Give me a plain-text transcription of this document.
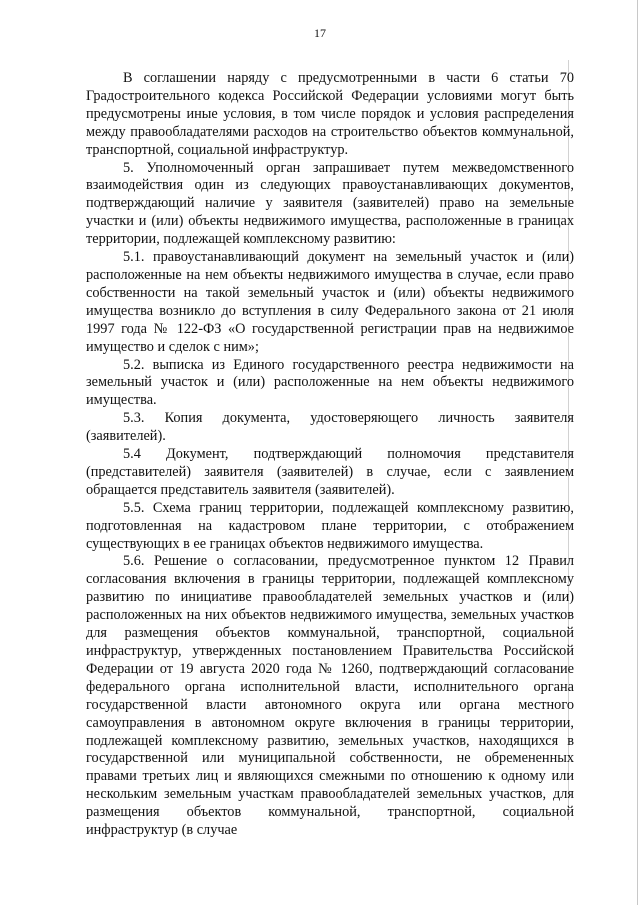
17

В соглашении наряду с предусмотренными в части 6 статьи 70 Градостроительного кодекса Российской Федерации условиями могут быть предусмотрены иные условия, в том числе порядок и условия распределения между правообладателями расходов на строительство объектов коммунальной, транспортной, социальной инфраструктур.

5. Уполномоченный орган запрашивает путем межведомственного взаимодействия один из следующих правоустанавливающих документов, подтверждающий наличие у заявителя (заявителей) право на земельные участки и (или) объекты недвижимого имущества, расположенные в границах территории, подлежащей комплексному развитию:

5.1. правоустанавливающий документ на земельный участок и (или) расположенные на нем объекты недвижимого имущества в случае, если право собственности на такой земельный участок и (или) объекты недвижимого имущества возникло до вступления в силу Федерального закона от 21 июля 1997 года № 122-ФЗ «О государственной регистрации прав на недвижимое имущество и сделок с ним»;

5.2. выписка из Единого государственного реестра недвижимости на земельный участок и (или) расположенные на нем объекты недвижимого имущества.

5.3. Копия документа, удостоверяющего личность заявителя (заявителей).

5.4 Документ, подтверждающий полномочия представителя (представителей) заявителя (заявителей) в случае, если с заявлением обращается представитель заявителя (заявителей).

5.5. Схема границ территории, подлежащей комплексному развитию, подготовленная на кадастровом плане территории, с отображением существующих в ее границах объектов недвижимого имущества.

5.6. Решение о согласовании, предусмотренное пунктом 12 Правил согласования включения в границы территории, подлежащей комплексному развитию по инициативе правообладателей земельных участков и (или) расположенных на них объектов недвижимого имущества, земельных участков для размещения объектов коммунальной, транспортной, социальной инфраструктур, утвержденных постановлением Правительства Российской Федерации от 19 августа 2020 года № 1260, подтверждающий согласование федерального органа исполнительной власти, исполнительного органа государственной власти автономного округа или органа местного самоуправления в автономном округе включения в границы территории, подлежащей комплексному развитию, земельных участков, находящихся в государственной или муниципальной собственности, не обремененных правами третьих лиц и являющихся смежными по отношению к одному или нескольким земельным участкам правообладателей земельных участков, для размещения объектов коммунальной, транспортной, социальной инфраструктур (в случае
